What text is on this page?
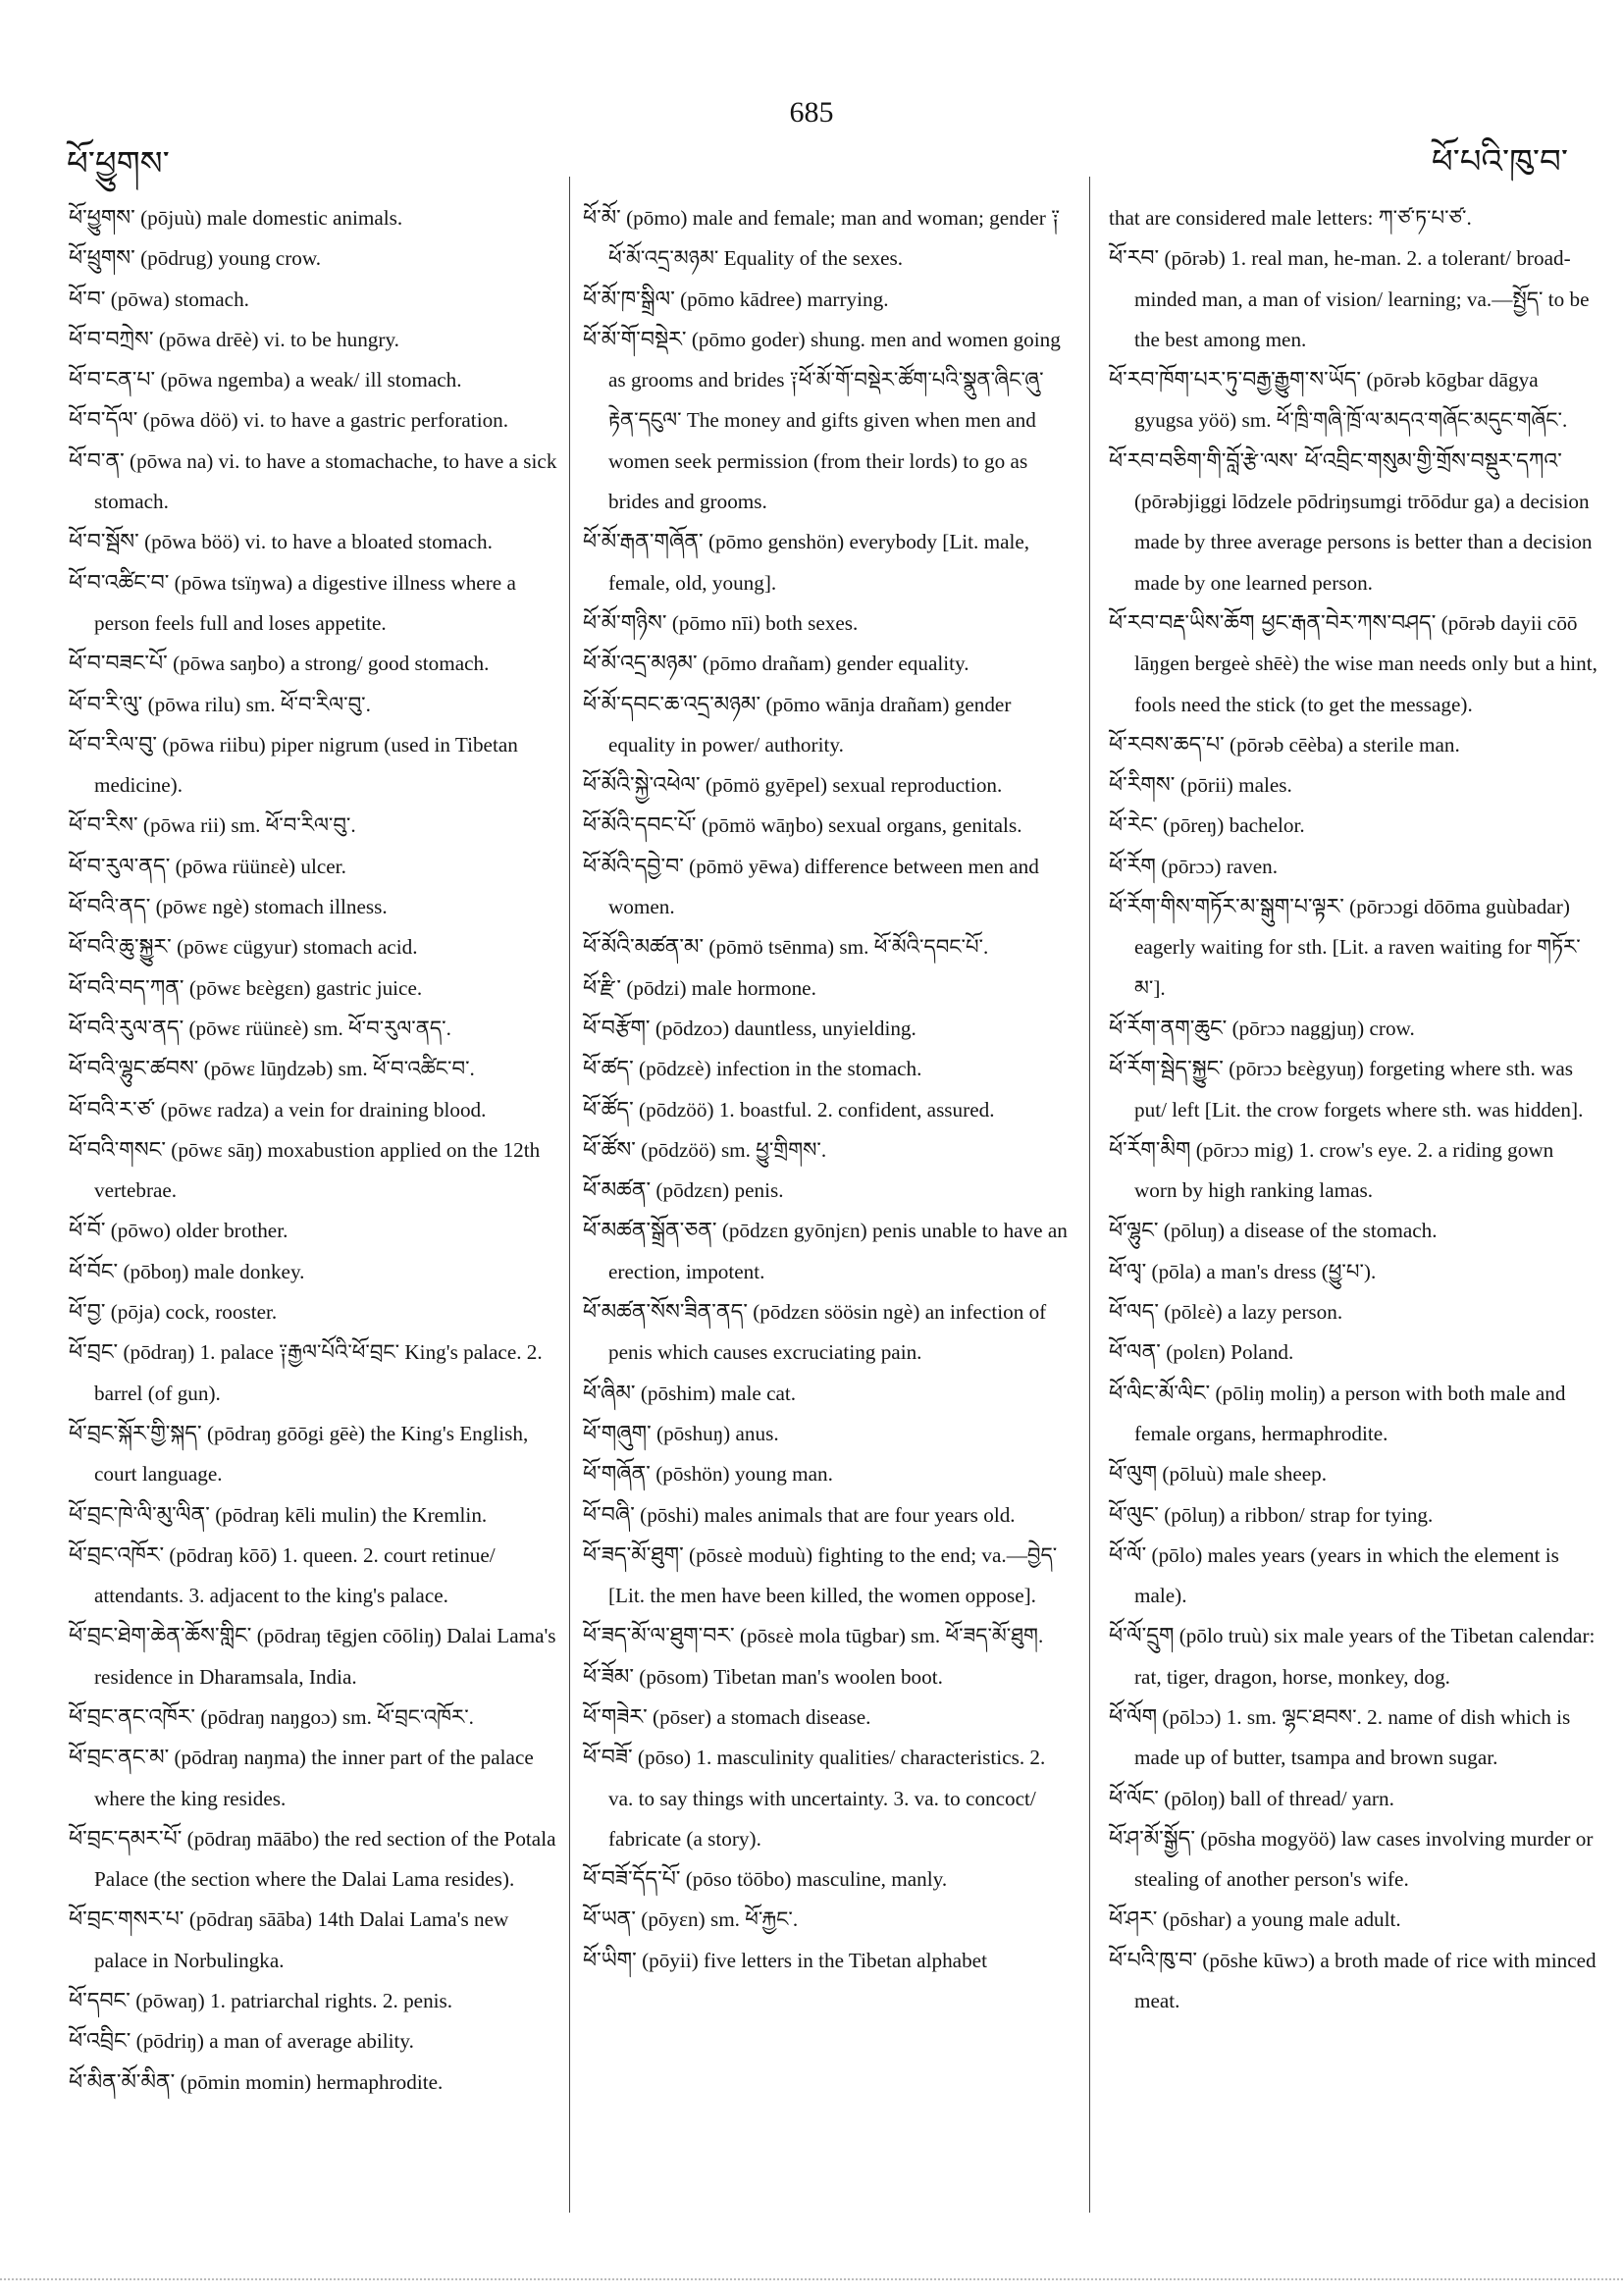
685
ཕོ་ཕྱུགས་	ཕོ་པའི་ཁུ་བ་
ཕོ་ཕྱུགས་ (pōjuù) male domestic animals.
ཕོ་ཕྲུགས་ (pōdrug) young crow.
ཕོ་བ་ (pōwa) stomach.
ཕོ་བ་བཀྲེས་ (pōwa drēè) vi. to be hungry.
ཕོ་བ་ངན་པ་ (pōwa ngemba) a weak/ ill stomach.
ཕོ་བ་དོལ་ (pōwa döö) vi. to have a gastric perforation.
ཕོ་བ་ན་ (pōwa na) vi. to have a stomachache, to have a sick stomach.
ཕོ་བ་སྦོས་ (pōwa böö) vi. to have a bloated stomach.
ཕོ་བ་འཚིང་བ་ (pōwa tsïŋwa) a digestive illness where a person feels full and loses appetite.
ཕོ་བ་བཟང་པོ་ (pōwa saŋbo) a strong/ good stomach.
ཕོ་བ་རི་ལུ་ (pōwa rilu) sm. ཕོ་བ་རིལ་བུ་.
ཕོ་བ་རིལ་བུ་ (pōwa riibu) piper nigrum (used in Tibetan medicine).
ཕོ་བ་རིས་ (pōwa rii) sm. ཕོ་བ་རིལ་བུ་.
ཕོ་བ་རུལ་ནད་ (pōwa rüünεè) ulcer.
ཕོ་བའི་ནད་ (pōwε ngè) stomach illness.
ཕོ་བའི་ཆུ་སྐྱུར་ (pōwε cügyur) stomach acid.
ཕོ་བའི་བད་ཀན་ (pōwε bεègεn) gastric juice.
ཕོ་བའི་རུལ་ནད་ (pōwε rüünεè) sm. ཕོ་བ་རུལ་ནད་.
ཕོ་བའི་ལྷུང་ཚབས་ (pōwε lūŋdzəb) sm. ཕོ་བ་འཚིང་བ་.
ཕོ་བའི་ར་ཙ་ (pōwε radza) a vein for draining blood.
ཕོ་བའི་གསང་ (pōwε sāŋ) moxabustion applied on the 12th vertebrae.
ཕོ་བོ་ (pōwo) older brother.
ཕོ་བོང་ (pōboŋ) male donkey.
ཕོ་བྱ་ (pōja) cock, rooster.
ཕོ་བྲང་ (pōdraŋ) 1. palace ༑རྒྱལ་པོའི་ཕོ་བྲང་ King's palace. 2. barrel (of gun).
ཕོ་བྲང་སྐོར་གྱི་སྐད་ (pōdraŋ gōōgi gēè) the King's English, court language.
ཕོ་བྲང་ཁེ་ལི་མུ་ལིན་ (pōdraŋ kēli mulin) the Kremlin.
ཕོ་བྲང་འཁོར་ (pōdraŋ kōō) 1. queen. 2. court retinue/ attendants. 3. adjacent to the king's palace.
ཕོ་བྲང་ཐེག་ཆེན་ཆོས་གླིང་ (pōdraŋ tēgjen cōōliŋ) Dalai Lama's residence in Dharamsala, India.
ཕོ་བྲང་ནང་འཁོར་ (pōdraŋ naŋgoɔ) sm. ཕོ་བྲང་འཁོར་.
ཕོ་བྲང་ནང་མ་ (pōdraŋ naŋma) the inner part of the palace where the king resides.
ཕོ་བྲང་དམར་པོ་ (pōdraŋ māābo) the red section of the Potala Palace (the section where the Dalai Lama resides).
ཕོ་བྲང་གསར་པ་ (pōdraŋ sāāba) 14th Dalai Lama's new palace in Norbulingka.
ཕོ་དབང་ (pōwaŋ) 1. patriarchal rights. 2. penis.
ཕོ་འབྲིང་ (pōdriŋ) a man of average ability.
ཕོ་མིན་མོ་མིན་ (pōmin momin) hermaphrodite.
ཕོ་མོ་ (pōmo) male and female; man and woman; gender ༑ཕོ་མོ་འདྲ་མཉམ་ Equality of the sexes.
ཕོ་མོ་ཁ་སྒྲིལ་ (pōmo kādree) marrying.
ཕོ་མོ་གོ་བསྡེར་ (pōmo goder) shung. men and women going as grooms and brides ༑ཕོ་མོ་གོ་བསྡེར་ཚོག་པའི་སྣུན་ཞིང་ཞུ་རྟེན་དངུལ་ The money and gifts given when men and women seek permission (from their lords) to go as brides and grooms.
ཕོ་མོ་རྒན་གཞོན་ (pōmo genshön) everybody [Lit. male, female, old, young].
ཕོ་མོ་གཉིས་ (pōmo nīi) both sexes.
ཕོ་མོ་འདྲ་མཉམ་ (pōmo drañam) gender equality.
ཕོ་མོ་དབང་ཆ་འདྲ་མཉམ་ (pōmo wānja drañam) gender equality in power/ authority.
ཕོ་མོའི་སྐྱེ་འཕེལ་ (pōmö gyēpel) sexual reproduction.
ཕོ་མོའི་དབང་པོ་ (pōmö wāŋbo) sexual organs, genitals.
ཕོ་མོའི་དབྱེ་བ་ (pōmö yēwa) difference between men and women.
ཕོ་མོའི་མཚན་མ་ (pōmö tsēnma) sm. ཕོ་མོའི་དབང་པོ་.
ཕོ་རྫི་ (pōdzi) male hormone.
ཕོ་བརྩོག་ (pōdzoɔ) dauntless, unyielding.
ཕོ་ཚད་ (pōdzεè) infection in the stomach.
ཕོ་ཚོད་ (pōdzöö) 1. boastful. 2. confident, assured.
ཕོ་ཚོས་ (pōdzöö) sm. ཕྱུ་གྲིགས་.
ཕོ་མཚན་ (pōdzεn) penis.
ཕོ་མཚན་སྒྲོན་ཅན་ (pōdzεn gyōnjεn) penis unable to have an erection, impotent.
ཕོ་མཚན་སོས་ཟིན་ནད་ (pōdzεn söösin ngè) an infection of penis which causes excruciating pain.
ཕོ་ཞིམ་ (pōshim) male cat.
ཕོ་གཞུག་ (pōshuŋ) anus.
ཕོ་གཞོན་ (pōshön) young man.
ཕོ་བཞི་ (pōshi) males animals that are four years old.
ཕོ་ཟད་མོ་ཐུག་ (pōsεè moduù) fighting to the end; va.—བྱེད་ [Lit. the men have been killed, the women oppose].
ཕོ་ཟད་མོ་ལ་ཐུག་བར་ (pōsεè mola tūgbar) sm. ཕོ་ཟད་མོ་ཐུག.
ཕོ་ཟོམ་ (pōsom) Tibetan man's woolen boot.
ཕོ་གཟེར་ (pōser) a stomach disease.
ཕོ་བཟོ་ (pōso) 1. masculinity qualities/ characteristics. 2. va. to say things with uncertainty. 3. va. to concoct/ fabricate (a story).
ཕོ་བཟོ་དོད་པོ་ (pōso töōbo) masculine, manly.
ཕོ་ཡན་ (pōyεn) sm. ཕོ་རྐྱང་.
ཕོ་ཡིག་ (pōyii) five letters in the Tibetan alphabet
that are considered male letters: ཀ་ཙ་ཏ་པ་ཙ་.
ཕོ་རབ་ (pōrəb) 1. real man, he-man. 2. a tolerant/ broad-minded man, a man of vision/ learning; va.—སྤྱོད་ to be the best among men.
ཕོ་རབ་ཁོག་པར་ཏུ་བརྒྱ་རྒྱུག་ས་ཡོད་ (pōrəb kōgbar dāgya gyugsa yöö) sm. ཕོ་ཁྲི་གཞི་ཁྲོ་ལ་མདའ་གཞོང་མདུང་གཞོང་.
ཕོ་རབ་བཅིག་གི་བློ་རྩེ་ལས་ ཕོ་འབྲིང་གསུམ་གྱི་གྲོས་བསྡུར་དཀའ་ (pōrəbjiggi lōdzele pōdriŋsumgi trōōdur ga) a decision made by three average persons is better than a decision made by one learned person.
ཕོ་རབ་བརྡ་ཡིས་ཆོག ཕྱང་རྒན་བེར་ཀས་བཤད་ (pōrəb dayii cōō lāŋgen bergeè shēè) the wise man needs only but a hint, fools need the stick (to get the message).
ཕོ་རབས་ཆད་པ་ (pōrəb cēèba) a sterile man.
ཕོ་རིགས་ (pōrii) males.
ཕོ་རེང་ (pōreŋ) bachelor.
ཕོ་རོག (pōrɔɔ) raven.
ཕོ་རོག་གིས་གཏོར་མ་སྒུག་པ་ལྟར་ (pōrɔɔgi dōōma guùbadar) eagerly waiting for sth. [Lit. a raven waiting for གཏོར་མ་].
ཕོ་རོག་ནག་ཆུང་ (pōrɔɔ naggjuŋ) crow.
ཕོ་རོག་སྦེད་སྐྱུང་ (pōrɔɔ bεègyuŋ) forgeting where sth. was put/ left [Lit. the crow forgets where sth. was hidden].
ཕོ་རོག་མིག (pōrɔɔ mig) 1. crow's eye. 2. a riding gown worn by high ranking lamas.
ཕོ་ལྷུང་ (pōluŋ) a disease of the stomach.
ཕོ་ལྭ་ (pōla) a man's dress (ཕྱུ་པ་).
ཕོ་ལད་ (pōlεè) a lazy person.
ཕོ་ལན་ (polεn) Poland.
ཕོ་ལིང་མོ་ལིང་ (pōliŋ moliŋ) a person with both male and female organs, hermaphrodite.
ཕོ་ལུག (pōluù) male sheep.
ཕོ་ལུང་ (pōluŋ) a ribbon/ strap for tying.
ཕོ་ལོ་ (pōlo) males years (years in which the element is male).
ཕོ་ལོ་དྲུག (pōlo truù) six male years of the Tibetan calendar: rat, tiger, dragon, horse, monkey, dog.
ཕོ་ལོག (pōlɔɔ) 1. sm. ལྷང་ཐབས་. 2. name of dish which is made up of butter, tsampa and brown sugar.
ཕོ་ལོང་ (pōloŋ) ball of thread/ yarn.
ཕོ་ཤ་མོ་སྒྱོད་ (pōsha mogyöö) law cases involving murder or stealing of another person's wife.
ཕོ་ཤར་ (pōshar) a young male adult.
ཕོ་པའི་ཁུ་བ་ (pōshe kūwɔ) a broth made of rice with minced meat.
